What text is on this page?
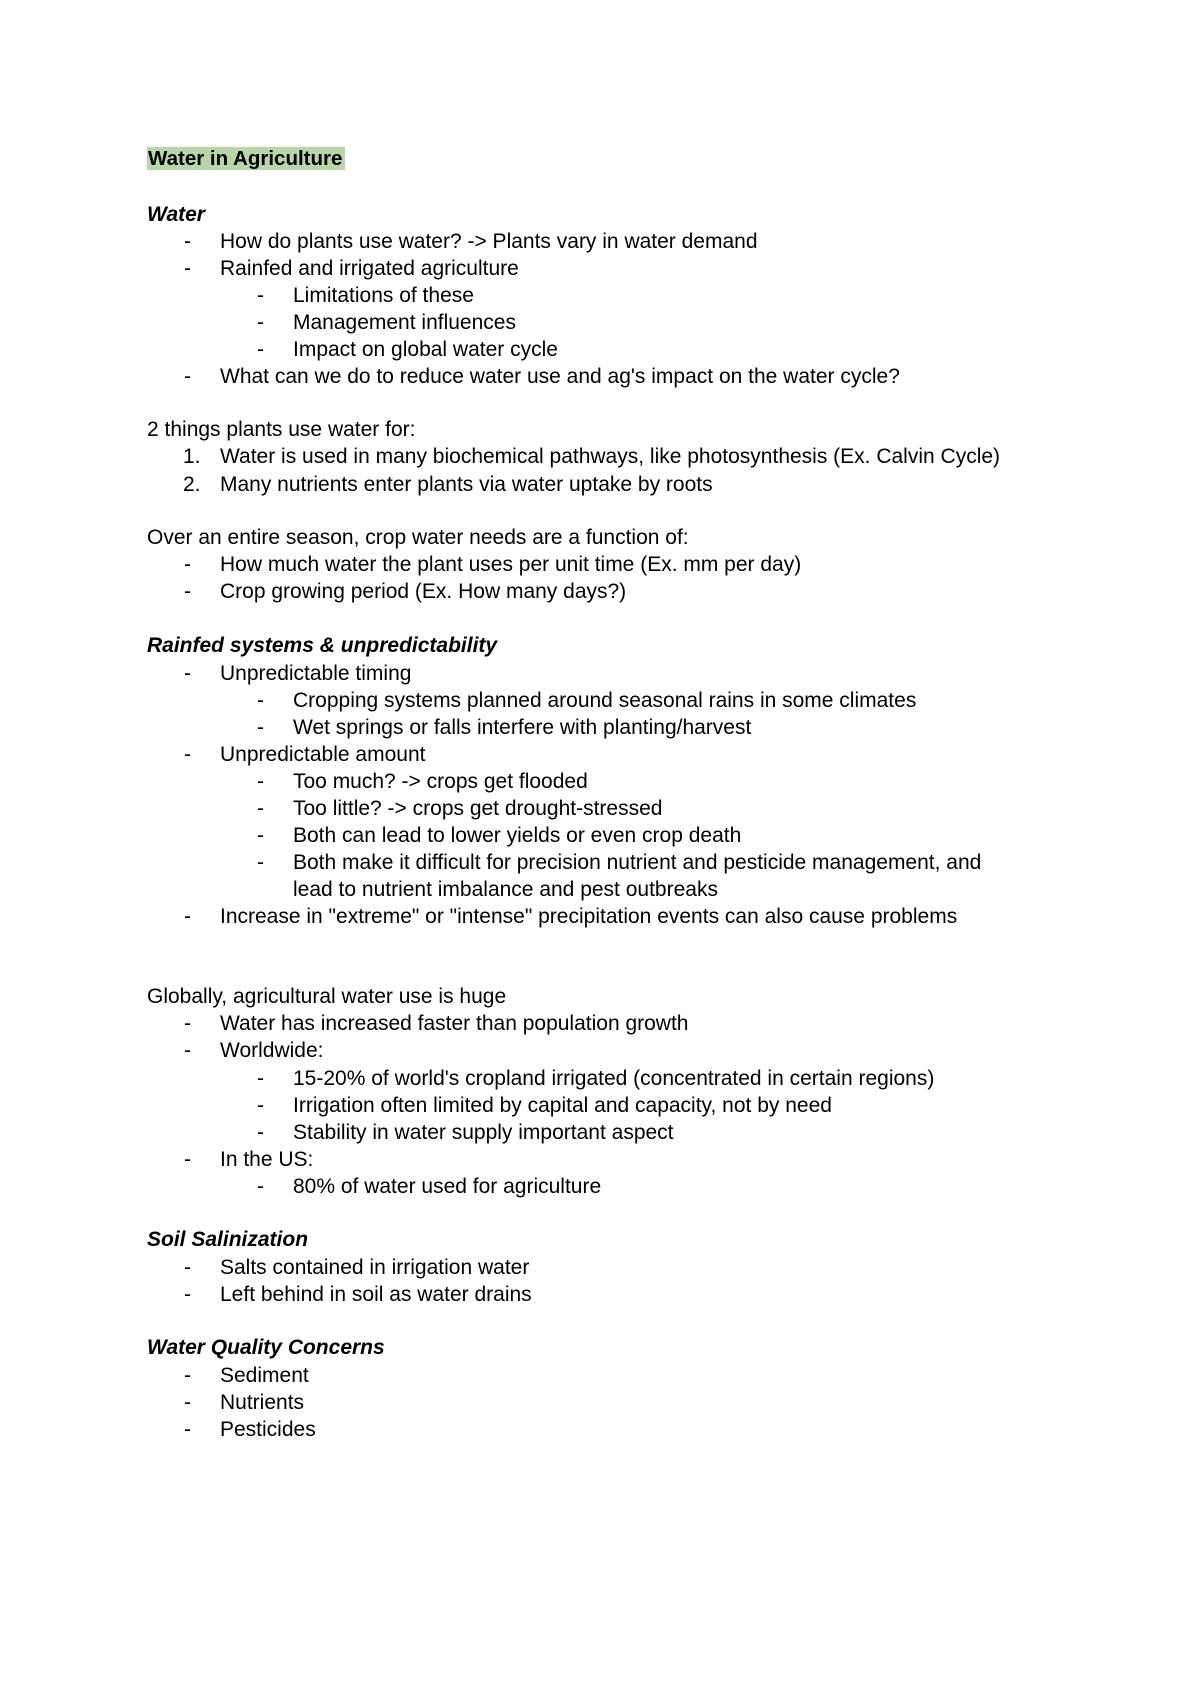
Water in Agriculture
Water
- How do plants use water? -> Plants vary in water demand
- Rainfed and irrigated agriculture
- Limitations of these
- Management influences
- Impact on global water cycle
- What can we do to reduce water use and ag's impact on the water cycle?
2 things plants use water for:
1. Water is used in many biochemical pathways, like photosynthesis (Ex. Calvin Cycle)
2. Many nutrients enter plants via water uptake by roots
Over an entire season, crop water needs are a function of:
- How much water the plant uses per unit time (Ex. mm per day)
- Crop growing period (Ex. How many days?)
Rainfed systems & unpredictability
- Unpredictable timing
- Cropping systems planned around seasonal rains in some climates
- Wet springs or falls interfere with planting/harvest
- Unpredictable amount
- Too much? -> crops get flooded
- Too little? -> crops get drought-stressed
- Both can lead to lower yields or even crop death
- Both make it difficult for precision nutrient and pesticide management, and
lead to nutrient imbalance and pest outbreaks
- Increase in "extreme" or "intense" precipitation events can also cause problems
Globally, agricultural water use is huge
- Water has increased faster than population growth
- Worldwide:
- 15-20% of world's cropland irrigated (concentrated in certain regions)
- Irrigation often limited by capital and capacity, not by need
- Stability in water supply important aspect
- In the US:
- 80% of water used for agriculture
Soil Salinization
- Salts contained in irrigation water
- Left behind in soil as water drains
Water Quality Concerns
- Sediment
- Nutrients
- Pesticides
